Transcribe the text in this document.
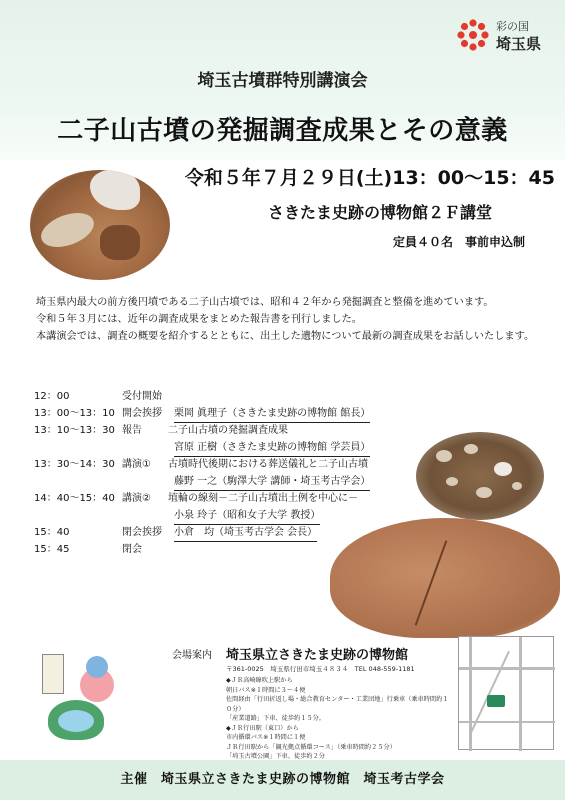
彩の国
埼玉県
埼玉古墳群特別講演会
二子山古墳の発掘調査成果とその意義
令和５年７月２９日(土)13：00～15：45
さきたま史跡の博物館２Ｆ講堂
定員４０名　事前申込制

埼玉県内最大の前方後円墳である二子山古墳では、昭和４２年から発掘調査と整備を進めています。

令和５年３月には、近年の調査成果をまとめた報告書を刊行しました。

本講演会では、調査の概要を紹介するとともに、出土した遺物について最新の調査成果をお話しいたします。

12：00	受付開始
13：00～13：10 開会挨拶	栗岡 眞理子（さきたま史跡の博物館 館長）
13：10～13：30 報告	二子山古墳の発掘調査成果
宮原 正樹（さきたま史跡の博物館 学芸員）
13：30～14：30 講演①	古墳時代後期における葬送儀礼と二子山古墳
藤野 一之（駒澤大学 講師・埼玉考古学会）
14：40～15：40 講演②	埴輪の線刻－二子山古墳出土例を中心に－
小泉 玲子（昭和女子大学 教授）
15：40	閉会挨拶	小倉　均（埼玉考古学会 会長）
15：45	閉会
会場案内 埼玉県立さきたま史跡の博物館
〒361-0025　埼玉県行田市埼玉４８３４　TEL 048-559-1181
◆ＪＲ高崎線吹上駅から
朝日バス※１時間に３～４便
佐間経由「行田折返し場・総合教育センター・工業団地」行乗車（乗車時間約１０分）
「産業道路」下車、徒歩約１５分。
◆ＪＲ行田駅（東口）から
市内循環バス※１時間に１便
ＪＲ行田駅から「観光拠点循環コース」（乗車時間約２５分）
「埼玉古墳公園」下車、徒歩約２分
主催　埼玉県立さきたま史跡の博物館　埼玉考古学会
